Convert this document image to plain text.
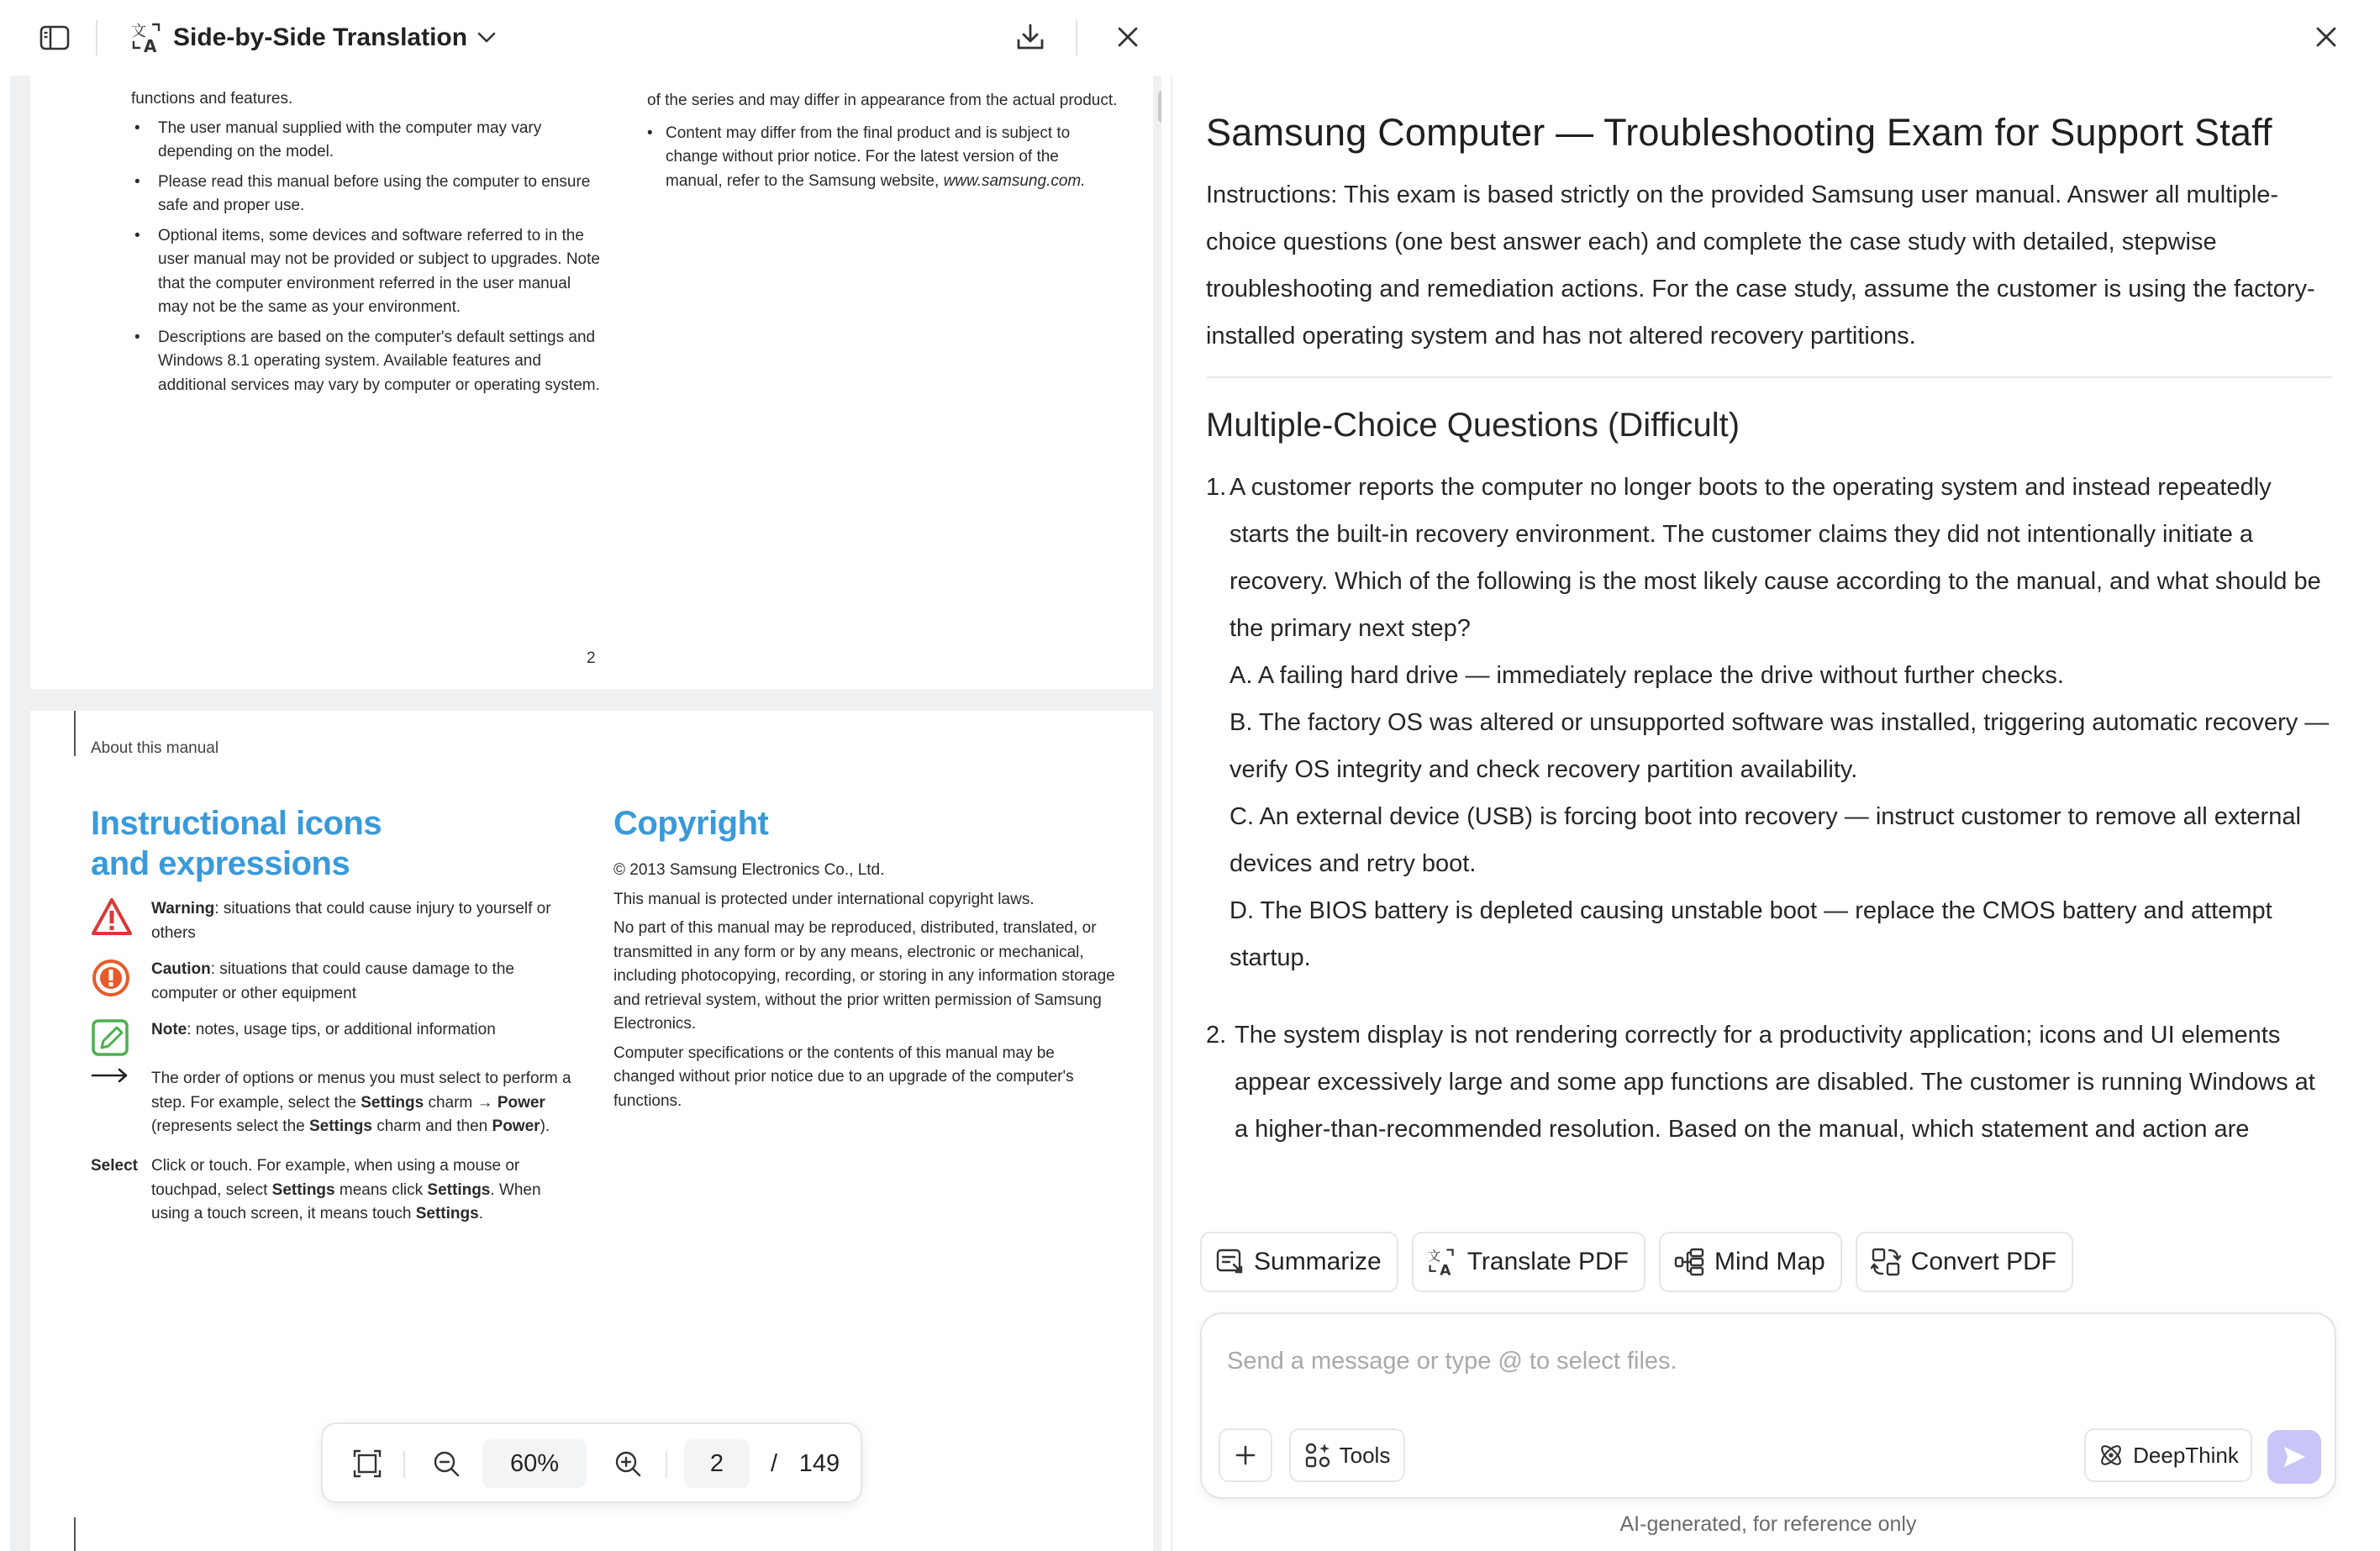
文
A Side-by-Side Translation
functions and features.
• The user manual supplied with the computer may vary depending on the model.
• Please read this manual before using the computer to ensure safe and proper use.
• Optional items, some devices and software referred to in the user manual may not be provided or subject to upgrades. Note that the computer environment referred in the user manual may not be the same as your environment.
• Descriptions are based on the computer's default settings and Windows 8.1 operating system. Available features and additional services may vary by computer or operating system.
of the series and may differ in appearance from the actual product.
• Content may differ from the final product and is subject to change without prior notice. For the latest version of the manual, refer to the Samsung website, www.samsung.com.
2
About this manual
Instructional icons and expressions
Warning: situations that could cause injury to yourself or others
Caution: situations that could cause damage to the computer or other equipment
Note: notes, usage tips, or additional information
The order of options or menus you must select to perform a step. For example, select the Settings charm → Power (represents select the Settings charm and then Power).
Select Click or touch. For example, when using a mouse or touchpad, select Settings means click Settings. When using a touch screen, it means touch Settings.
Copyright

© 2013 Samsung Electronics Co., Ltd.

This manual is protected under international copyright laws.

No part of this manual may be reproduced, distributed, translated, or transmitted in any form or by any means, electronic or mechanical, including photocopying, recording, or storing in any information storage and retrieval system, without the prior written permission of Samsung Electronics.

Computer specifications or the contents of this manual may be changed without prior notice due to an upgrade of the computer's functions.

60%	2	/ 149
Samsung Computer — Troubleshooting Exam for Support Staff

Instructions: This exam is based strictly on the provided Samsung user manual. Answer all multiple-choice questions (one best answer each) and complete the case study with detailed, stepwise troubleshooting and remediation actions. For the case study, assume the customer is using the factory-installed operating system and has not altered recovery partitions.

Multiple-Choice Questions (Difficult)
1. A customer reports the computer no longer boots to the operating system and instead repeatedly starts the built-in recovery environment. The customer claims they did not intentionally initiate a recovery. Which of the following is the most likely cause according to the manual, and what should be the primary next step?
A. A failing hard drive — immediately replace the drive without further checks.
B. The factory OS was altered or unsupported software was installed, triggering automatic recovery — verify OS integrity and check recovery partition availability.
C. An external device (USB) is forcing boot into recovery — instruct customer to remove all external devices and retry boot.
D. The BIOS battery is depleted causing unstable boot — replace the CMOS battery and attempt startup.
2. The system display is not rendering correctly for a productivity application; icons and UI elements appear excessively large and some app functions are disabled. The customer is running Windows at a higher-than-recommended resolution. Based on the manual, which statement and action are
Summarize	文
A Translate PDF	Mind Map	Convert PDF
Send a message or type @ to select files.
Tools	DeepThink
AI-generated, for reference only
